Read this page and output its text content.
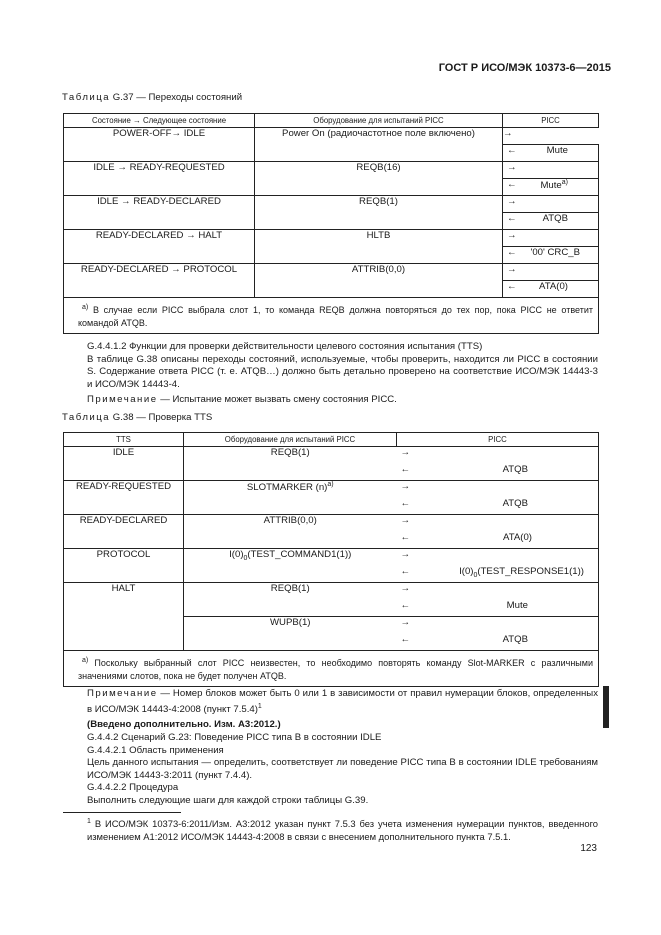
ГОСТ Р ИСО/МЭК 10373-6—2015
Таблица G.37 — Переходы состояний
Состояние → Следующее состояние	Оборудование для испытаний PICC	PICC
POWER-OFF→ IDLE	Power On (радиочастотное поле включено)	→
		← Mute

IDLE → READY-REQUESTED	REQB(16)	→
		← Mute$^{a)}$

IDLE → READY-DECLARED	REQB(1)	→
		← ATQB

READY-DECLARED → HALT	HLTB	→
		← '00' CRC_B

READY-DECLARED → PROTOCOL	ATTRIB(0,0)	→
		← ATA(0)

$^{a)}$ В случае если PICC выбрала слот 1, то команда REQB должна повторяться до тех пор, пока PICC не ответит командой ATQB.		
G.4.4.1.2 Функции для проверки действительности целевого состояния испытания (TTS)
В таблице G.38 описаны переходы состояний, используемые, чтобы проверить, находится ли PICC в состоянии S. Содержание ответа PICC (т. е. ATQB…) должно быть детально проверено на соответствие ИСО/МЭК 14443-3 и ИСО/МЭК 14443-4.
Примечание — Испытание может вызвать смену состояния PICC.
Таблица G.38 — Проверка TTS
TTS	Оборудование для испытаний PICC	PICC
IDLE	REQB(1)	→
		← ATQB

READY-REQUESTED	SLOTMARKER $(n)^{a)}$	→
		← ATQB

READY-DECLARED	ATTRIB(0,0)	→
		← ATA(0)

PROTOCOL	$I(0)_0(TEST\_COMMAND1(1))$	→
		← $I(0)_0(TEST\_RESPONSE1(1))$

HALT	REQB(1)	→
		← Mute

	WUPB(1)	→
		← ATQB

$^{a)}$ Поскольку выбранный слот PICC неизвестен, то необходимо повторять команду Slot-MARKER с различными значениями слотов, пока не будет получен ATQB.		
Примечание — Номер блоков может быть 0 или 1 в зависимости от правил нумерации блоков, определенных в ИСО/МЭК 14443-4:2008 (пункт 7.5.4)$^1$
(Введено дополнительно. Изм. А3:2012.)
G.4.4.2 Сценарий G.23: Поведение PICC типа B в состоянии IDLE
G.4.4.2.1 Область применения
Цель данного испытания — определить, соответствует ли поведение PICC типа B в состоянии IDLE требованиям ИСО/МЭК 14443-3:2011 (пункт 7.4.4).
G.4.4.2.2 Процедура
Выполнить следующие шаги для каждой строки таблицы G.39.
$^1$ В ИСО/МЭК 10373-6:2011/Изм. А3:2012 указан пункт 7.5.3 без учета изменения нумерации пунктов, введенного изменением А1:2012 ИСО/МЭК 14443-4:2008 в связи с внесением дополнительного пункта 7.5.1.
123
